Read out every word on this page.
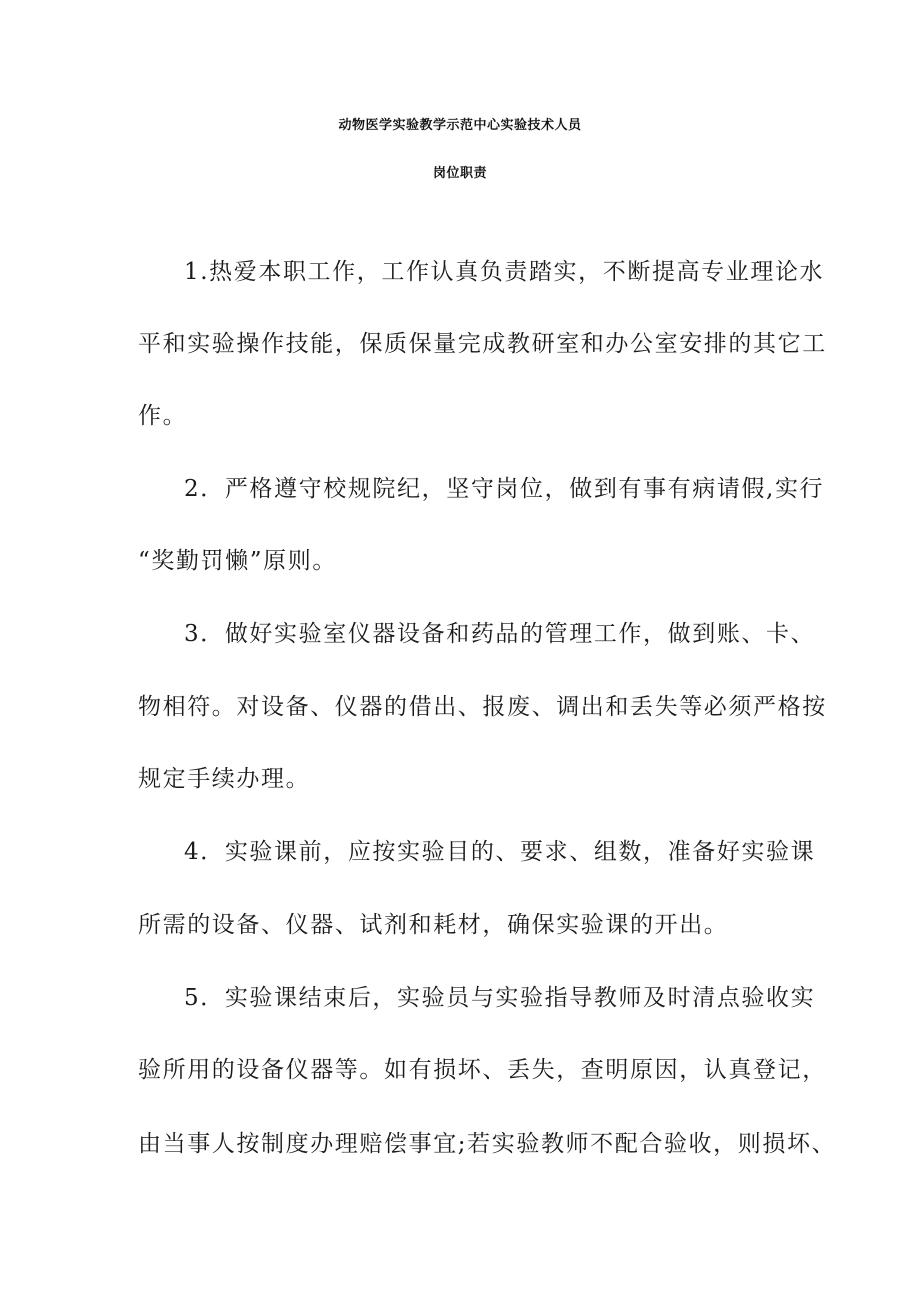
动物医学实验教学示范中心实验技术人员
岗位职责
1.热爱本职工作，工作认真负责踏实，不断提高专业理论水
平和实验操作技能，保质保量完成教研室和办公室安排的其它工
作。
2．严格遵守校规院纪，坚守岗位，做到有事有病请假,实行
“奖勤罚懒”原则。
3．做好实验室仪器设备和药品的管理工作，做到账、卡、
物相符。对设备、仪器的借出、报废、调出和丢失等必须严格按
规定手续办理。
4．实验课前，应按实验目的、要求、组数，准备好实验课
所需的设备、仪器、试剂和耗材，确保实验课的开出。
5．实验课结束后，实验员与实验指导教师及时清点验收实
验所用的设备仪器等。如有损坏、丢失，查明原因，认真登记，
由当事人按制度办理赔偿事宜;若实验教师不配合验收，则损坏、
